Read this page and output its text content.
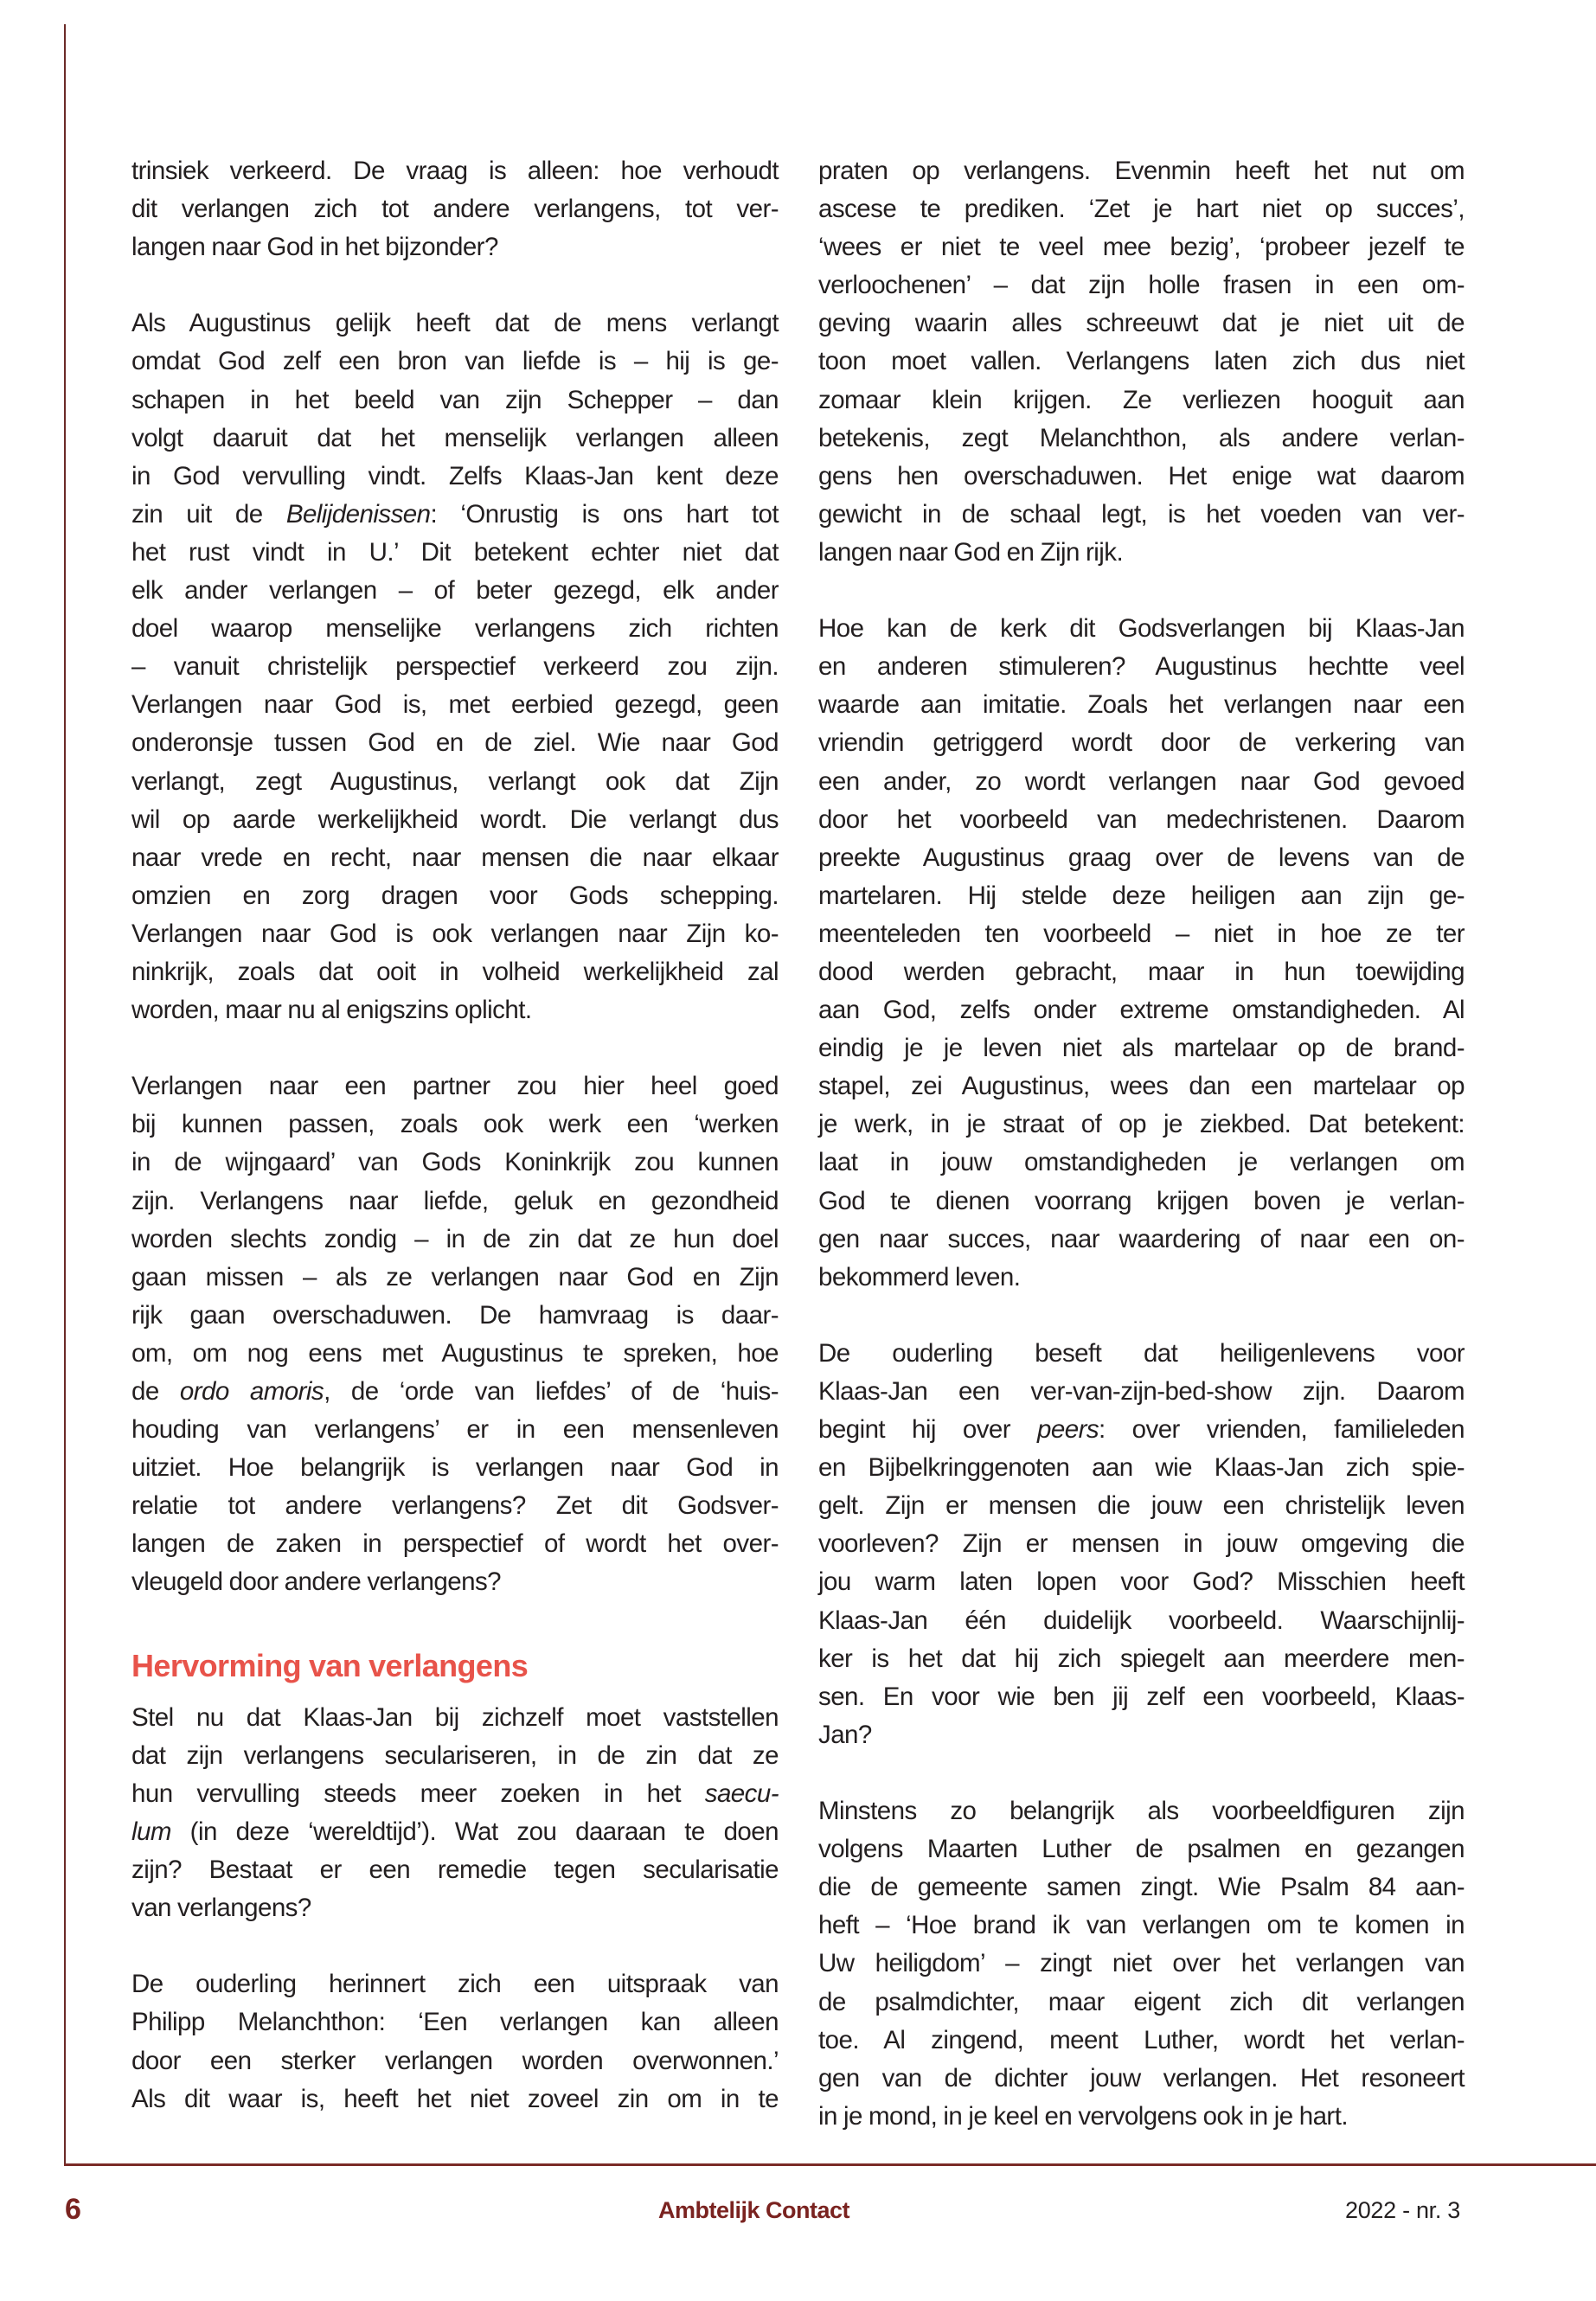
trinsiek verkeerd. De vraag is alleen: hoe verhoudt
dit verlangen zich tot andere verlangens, tot ver-
langen naar God in het bijzonder?
Als Augustinus gelijk heeft dat de mens verlangt
omdat God zelf een bron van liefde is – hij is ge-
schapen in het beeld van zijn Schepper – dan
volgt daaruit dat het menselijk verlangen alleen
in God vervulling vindt. Zelfs Klaas-Jan kent deze
zin uit de Belijdenissen: ‘Onrustig is ons hart tot
het rust vindt in U.’ Dit betekent echter niet dat
elk ander verlangen – of beter gezegd, elk ander
doel waarop menselijke verlangens zich richten
– vanuit christelijk perspectief verkeerd zou zijn.
Verlangen naar God is, met eerbied gezegd, geen
onderonsje tussen God en de ziel. Wie naar God
verlangt, zegt Augustinus, verlangt ook dat Zijn
wil op aarde werkelijkheid wordt. Die verlangt dus
naar vrede en recht, naar mensen die naar elkaar
omzien en zorg dragen voor Gods schepping.
Verlangen naar God is ook verlangen naar Zijn ko-
ninkrijk, zoals dat ooit in volheid werkelijkheid zal
worden, maar nu al enigszins oplicht.
Verlangen naar een partner zou hier heel goed
bij kunnen passen, zoals ook werk een ‘werken
in de wijngaard’ van Gods Koninkrijk zou kunnen
zijn. Verlangens naar liefde, geluk en gezondheid
worden slechts zondig – in de zin dat ze hun doel
gaan missen – als ze verlangen naar God en Zijn
rijk gaan overschaduwen. De hamvraag is daar-
om, om nog eens met Augustinus te spreken, hoe
de ordo amoris, de ‘orde van liefdes’ of de ‘huis-
houding van verlangens’ er in een mensenleven
uitziet. Hoe belangrijk is verlangen naar God in
relatie tot andere verlangens? Zet dit Godsver-
langen de zaken in perspectief of wordt het over-
vleugeld door andere verlangens?
Hervorming van verlangens
Stel nu dat Klaas-Jan bij zichzelf moet vaststellen
dat zijn verlangens seculariseren, in de zin dat ze
hun vervulling steeds meer zoeken in het saecu-
lum (in deze ‘wereldtijd’). Wat zou daaraan te doen
zijn? Bestaat er een remedie tegen secularisatie
van verlangens?
De ouderling herinnert zich een uitspraak van
Philipp Melanchthon: ‘Een verlangen kan alleen
door een sterker verlangen worden overwonnen.’
Als dit waar is, heeft het niet zoveel zin om in te
praten op verlangens. Evenmin heeft het nut om
ascese te prediken. ‘Zet je hart niet op succes’,
‘wees er niet te veel mee bezig’, ‘probeer jezelf te
verloochenen’ – dat zijn holle frasen in een om-
geving waarin alles schreeuwt dat je niet uit de
toon moet vallen. Verlangens laten zich dus niet
zomaar klein krijgen. Ze verliezen hooguit aan
betekenis, zegt Melanchthon, als andere verlan-
gens hen overschaduwen. Het enige wat daarom
gewicht in de schaal legt, is het voeden van ver-
langen naar God en Zijn rijk.
Hoe kan de kerk dit Godsverlangen bij Klaas-Jan
en anderen stimuleren? Augustinus hechtte veel
waarde aan imitatie. Zoals het verlangen naar een
vriendin getriggerd wordt door de verkering van
een ander, zo wordt verlangen naar God gevoed
door het voorbeeld van medechristenen. Daarom
preekte Augustinus graag over de levens van de
martelaren. Hij stelde deze heiligen aan zijn ge-
meenteleden ten voorbeeld – niet in hoe ze ter
dood werden gebracht, maar in hun toewijding
aan God, zelfs onder extreme omstandigheden. Al
eindig je je leven niet als martelaar op de brand-
stapel, zei Augustinus, wees dan een martelaar op
je werk, in je straat of op je ziekbed. Dat betekent:
laat in jouw omstandigheden je verlangen om
God te dienen voorrang krijgen boven je verlan-
gen naar succes, naar waardering of naar een on-
bekommerd leven.
De ouderling beseft dat heiligenlevens voor
Klaas-Jan een ver-van-zijn-bed-show zijn. Daarom
begint hij over peers: over vrienden, familieleden
en Bijbelkringgenoten aan wie Klaas-Jan zich spie-
gelt. Zijn er mensen die jouw een christelijk leven
voorleven? Zijn er mensen in jouw omgeving die
jou warm laten lopen voor God? Misschien heeft
Klaas-Jan één duidelijk voorbeeld. Waarschijnlij-
ker is het dat hij zich spiegelt aan meerdere men-
sen. En voor wie ben jij zelf een voorbeeld, Klaas-
Jan?
Minstens zo belangrijk als voorbeeldfiguren zijn
volgens Maarten Luther de psalmen en gezangen
die de gemeente samen zingt. Wie Psalm 84 aan-
heft – ‘Hoe brand ik van verlangen om te komen in
Uw heiligdom’ – zingt niet over het verlangen van
de psalmdichter, maar eigent zich dit verlangen
toe. Al zingend, meent Luther, wordt het verlan-
gen van de dichter jouw verlangen. Het resoneert
in je mond, in je keel en vervolgens ook in je hart.
6	Ambtelijk Contact	2022 - nr. 3
